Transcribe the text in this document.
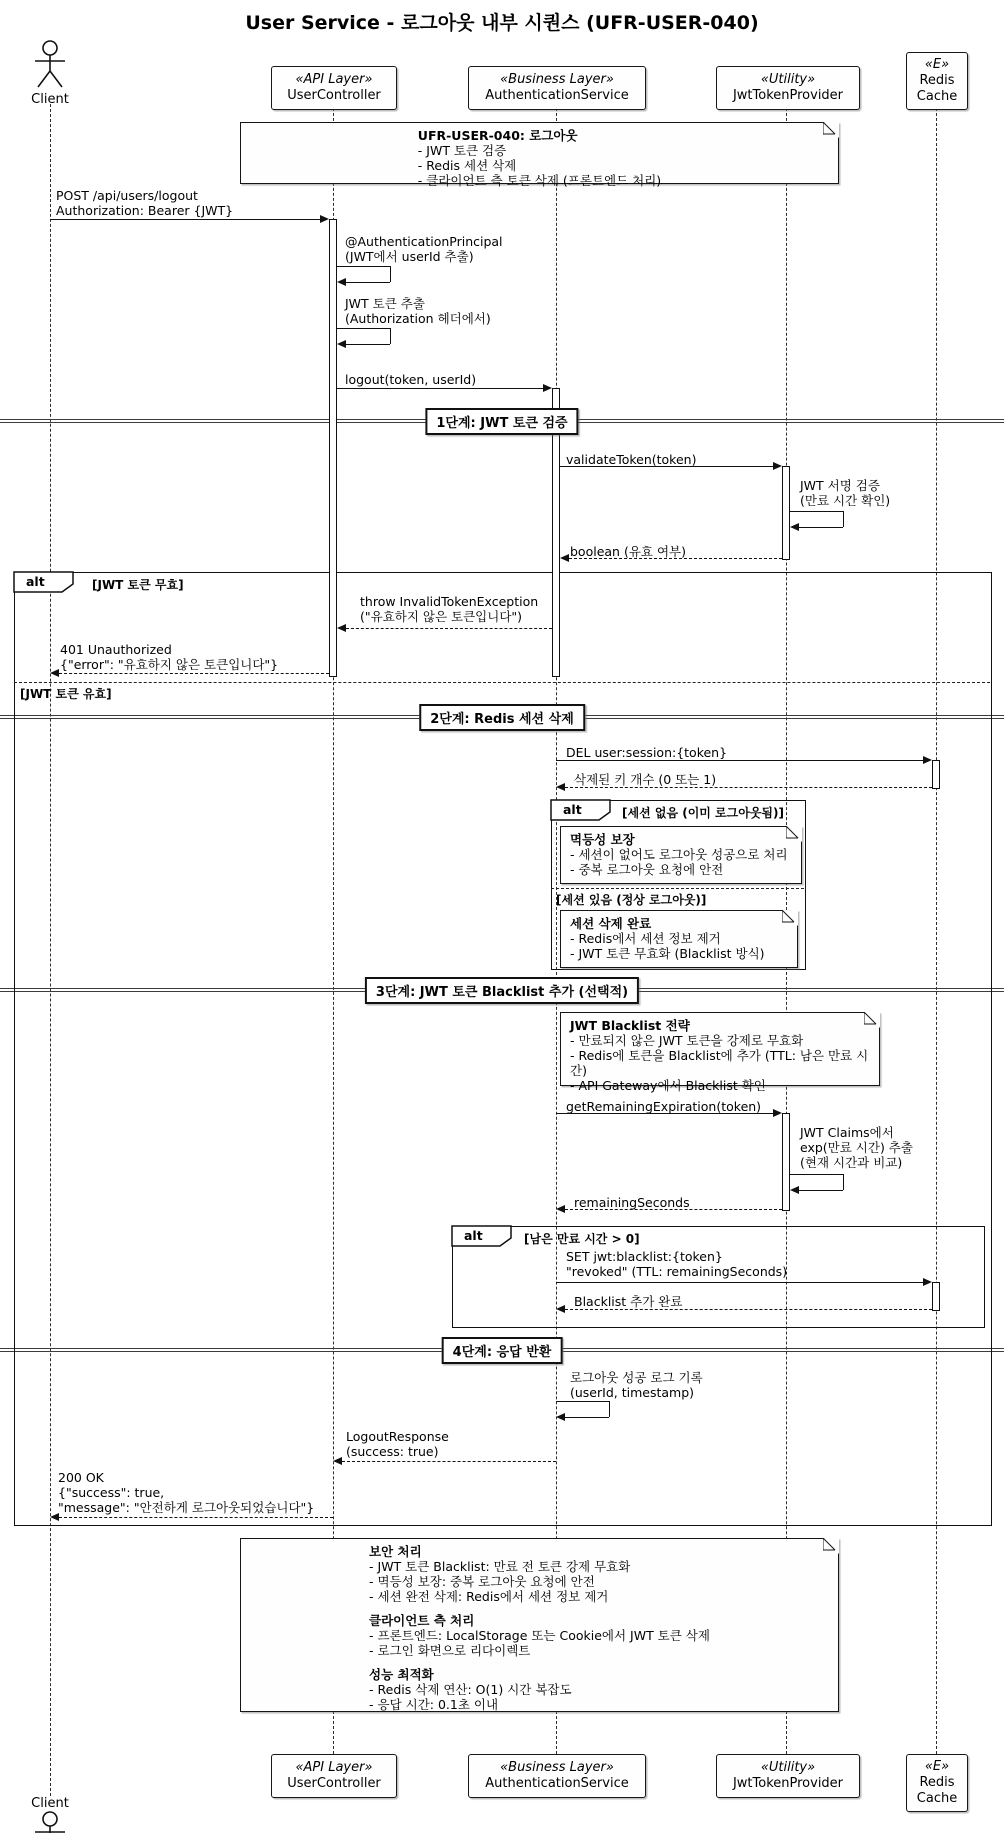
User Service - 로그아웃 내부 시퀀스 (UFR-USER-040)
Client
«API Layer»
UserController
«Business Layer»
AuthenticationService
«Utility»
JwtTokenProvider
«E»
Redis
Cache
UFR-USER-040: 로그아웃
- JWT 토큰 검증
- Redis 세션 삭제
- 클라이언트 측 토큰 삭제 (프론트엔드 처리)
POST /api/users/logout
Authorization: Bearer {JWT}
@AuthenticationPrincipal
(JWT에서 userId 추출)
JWT 토큰 추출
(Authorization 헤더에서)
logout(token, userId)
1단계: JWT 토큰 검증
validateToken(token)
JWT 서명 검증
(만료 시간 확인)
boolean (유효 여부)
alt	[JWT 토큰 무효]
throw InvalidTokenException
("유효하지 않은 토큰입니다")
401 Unauthorized
{"error": "유효하지 않은 토큰입니다"}
[JWT 토큰 유효]
2단계: Redis 세션 삭제
DEL user:session:{token}
삭제된 키 개수 (0 또는 1)
alt	[세션 없음 (이미 로그아웃됨)]
멱등성 보장
- 세션이 없어도 로그아웃 성공으로 처리
- 중복 로그아웃 요청에 안전
[세션 있음 (정상 로그아웃)]
세션 삭제 완료
- Redis에서 세션 정보 제거
- JWT 토큰 무효화 (Blacklist 방식)
3단계: JWT 토큰 Blacklist 추가 (선택적)
JWT Blacklist 전략
- 만료되지 않은 JWT 토큰을 강제로 무효화
- Redis에 토큰을 Blacklist에 추가 (TTL: 남은 만료 시간)
- API Gateway에서 Blacklist 확인
getRemainingExpiration(token)
JWT Claims에서
exp(만료 시간) 추출
(현재 시간과 비교)
remainingSeconds
alt	[남은 만료 시간 > 0]
SET jwt:blacklist:{token}
"revoked" (TTL: remainingSeconds)
Blacklist 추가 완료
4단계: 응답 반환
로그아웃 성공 로그 기록
(userId, timestamp)
LogoutResponse
(success: true)
200 OK
{"success": true,
"message": "안전하게 로그아웃되었습니다"}
보안 처리
- JWT 토큰 Blacklist: 만료 전 토큰 강제 무효화
- 멱등성 보장: 중복 로그아웃 요청에 안전
- 세션 완전 삭제: Redis에서 세션 정보 제거
클라이언트 측 처리
- 프론트엔드: LocalStorage 또는 Cookie에서 JWT 토큰 삭제
- 로그인 화면으로 리다이렉트
성능 최적화
- Redis 삭제 연산: O(1) 시간 복잡도
- 응답 시간: 0.1초 이내
«API Layer»
UserController
«Business Layer»
AuthenticationService
«Utility»
JwtTokenProvider
«E»
Redis
Cache
Client
